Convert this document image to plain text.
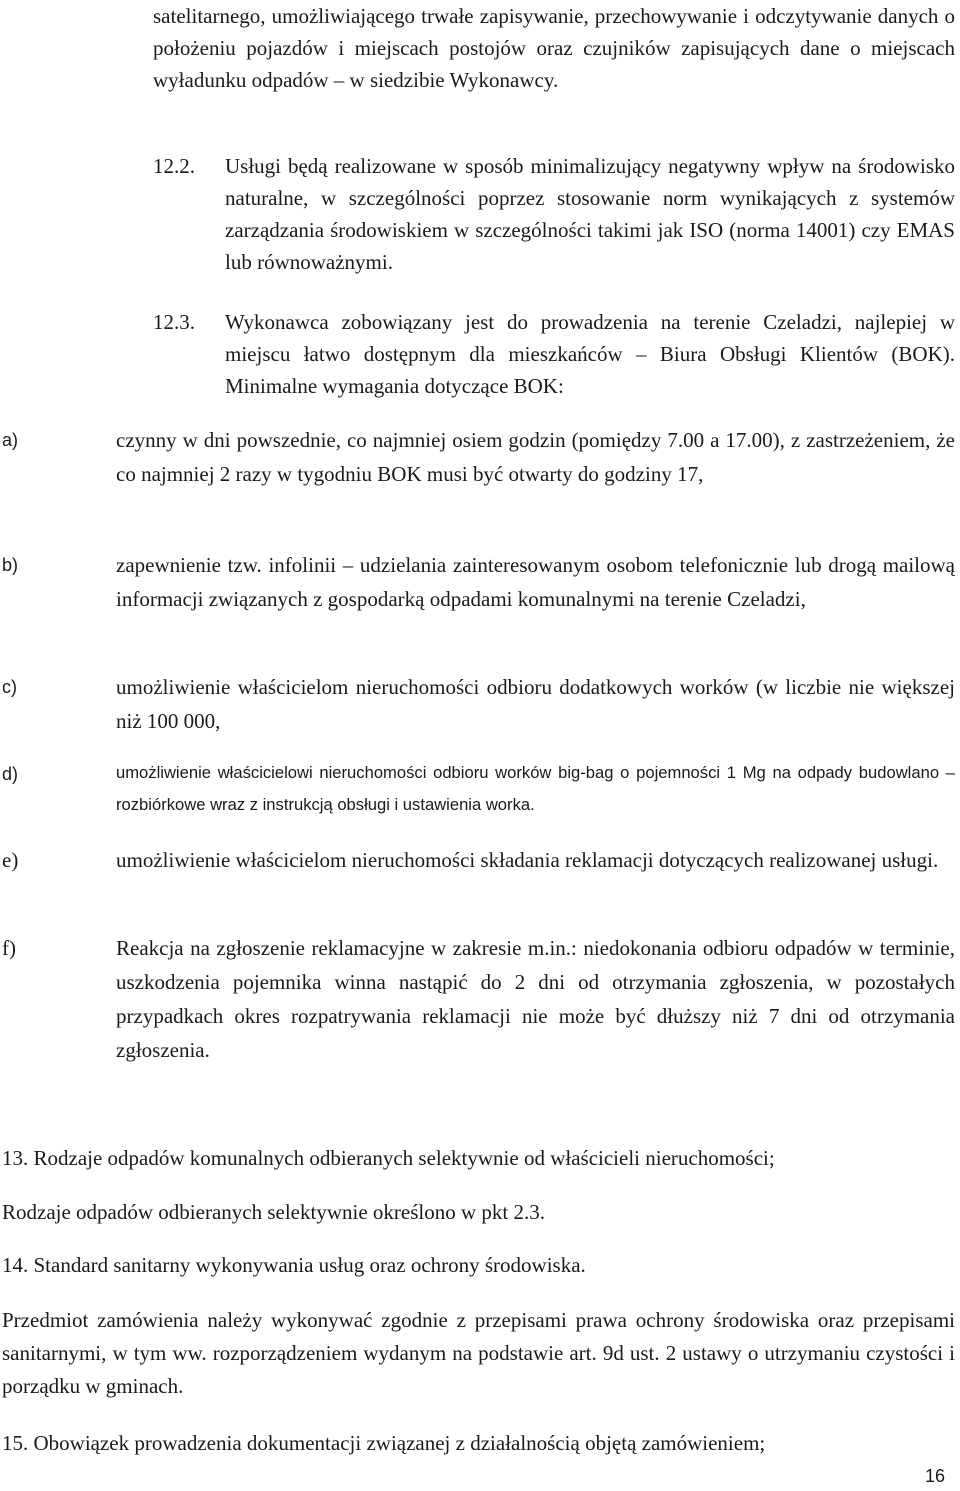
satelitarnego, umożliwiającego trwałe zapisywanie, przechowywanie i odczytywanie danych o położeniu pojazdów i miejscach postojów oraz czujników zapisujących dane o miejscach wyładunku odpadów – w siedzibie Wykonawcy.
12.2. Usługi będą realizowane w sposób minimalizujący negatywny wpływ na środowisko naturalne, w szczególności poprzez stosowanie norm wynikających z systemów zarządzania środowiskiem w szczególności takimi jak ISO (norma 14001) czy EMAS lub równoważnymi.
12.3. Wykonawca zobowiązany jest do prowadzenia na terenie Czeladzi, najlepiej w miejscu łatwo dostępnym dla mieszkańców – Biura Obsługi Klientów (BOK). Minimalne wymagania dotyczące BOK:
a)	czynny w dni powszednie, co najmniej osiem godzin (pomiędzy 7.00 a 17.00), z zastrzeżeniem, że co najmniej 2 razy w tygodniu BOK musi być otwarty do godziny 17,
b)	zapewnienie tzw. infolinii – udzielania zainteresowanym osobom telefonicznie lub drogą mailową informacji związanych z gospodarką odpadami komunalnymi na terenie Czeladzi,
c)	umożliwienie właścicielom nieruchomości odbioru dodatkowych worków (w liczbie nie większej niż 100 000,
d)	umożliwienie właścicielowi nieruchomości odbioru worków big-bag o pojemności 1 Mg na odpady budowlano – rozbiórkowe wraz z instrukcją obsługi i ustawienia worka.
e)	umożliwienie właścicielom nieruchomości składania reklamacji dotyczących realizowanej usługi.
f)	Reakcja na zgłoszenie reklamacyjne w zakresie m.in.: niedokonania odbioru odpadów w terminie, uszkodzenia pojemnika winna nastąpić do 2 dni od otrzymania zgłoszenia, w pozostałych przypadkach okres rozpatrywania reklamacji nie może być dłuższy niż 7 dni od otrzymania zgłoszenia.
13. Rodzaje odpadów komunalnych odbieranych selektywnie od właścicieli nieruchomości;
Rodzaje odpadów odbieranych selektywnie określono w pkt 2.3.
14. Standard sanitarny wykonywania usług oraz ochrony środowiska.
Przedmiot zamówienia należy wykonywać zgodnie z przepisami prawa ochrony środowiska oraz przepisami sanitarnymi, w tym ww. rozporządzeniem wydanym na podstawie art. 9d ust. 2 ustawy o utrzymaniu czystości i porządku w gminach.
15. Obowiązek prowadzenia dokumentacji związanej z działalnością objętą zamówieniem;
16
